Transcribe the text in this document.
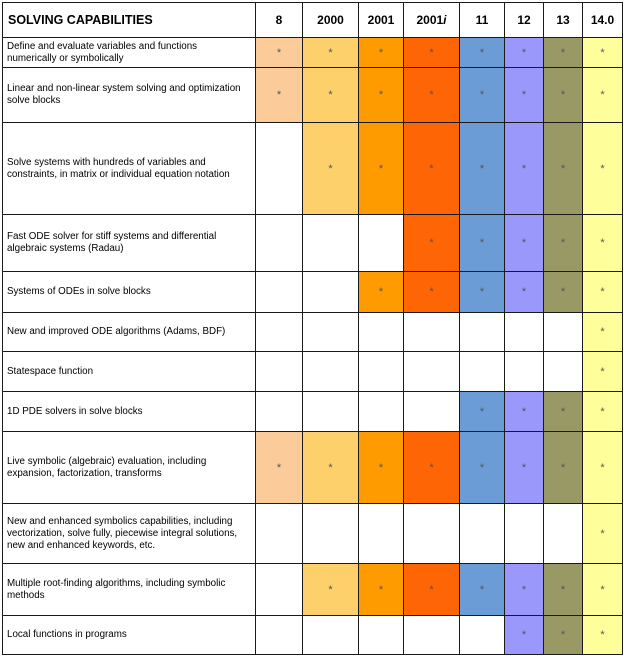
SOLVING CAPABILITIES	8	2000	2001	2001i	11	12	13	14.0
Define and evaluate variables and functions numerically or symbolically	*	*	*	*	*	*	*	*
Linear and non-linear system solving and optimization solve blocks	*	*	*	*	*	*	*	*
Solve systems with hundreds of variables and constraints, in matrix or individual equation notation		*	*	*	*	*	*	*
Fast ODE solver for stiff systems and differential algebraic systems (Radau)				*	*	*	*	*
Systems of ODEs in solve blocks			*	*	*	*	*	*
New and improved ODE algorithms (Adams, BDF)								*
Statespace function								*
1D PDE solvers in solve blocks					*	*	*	*
Live symbolic (algebraic) evaluation, including expansion, factorization, transforms	*	*	*	*	*	*	*	*
New and enhanced symbolics capabilities, including vectorization, solve fully, piecewise integral solutions, new and enhanced keywords, etc.								*
Multiple root-finding algorithms, including symbolic methods		*	*	*	*	*	*	*
Local functions in programs						*	*	*
